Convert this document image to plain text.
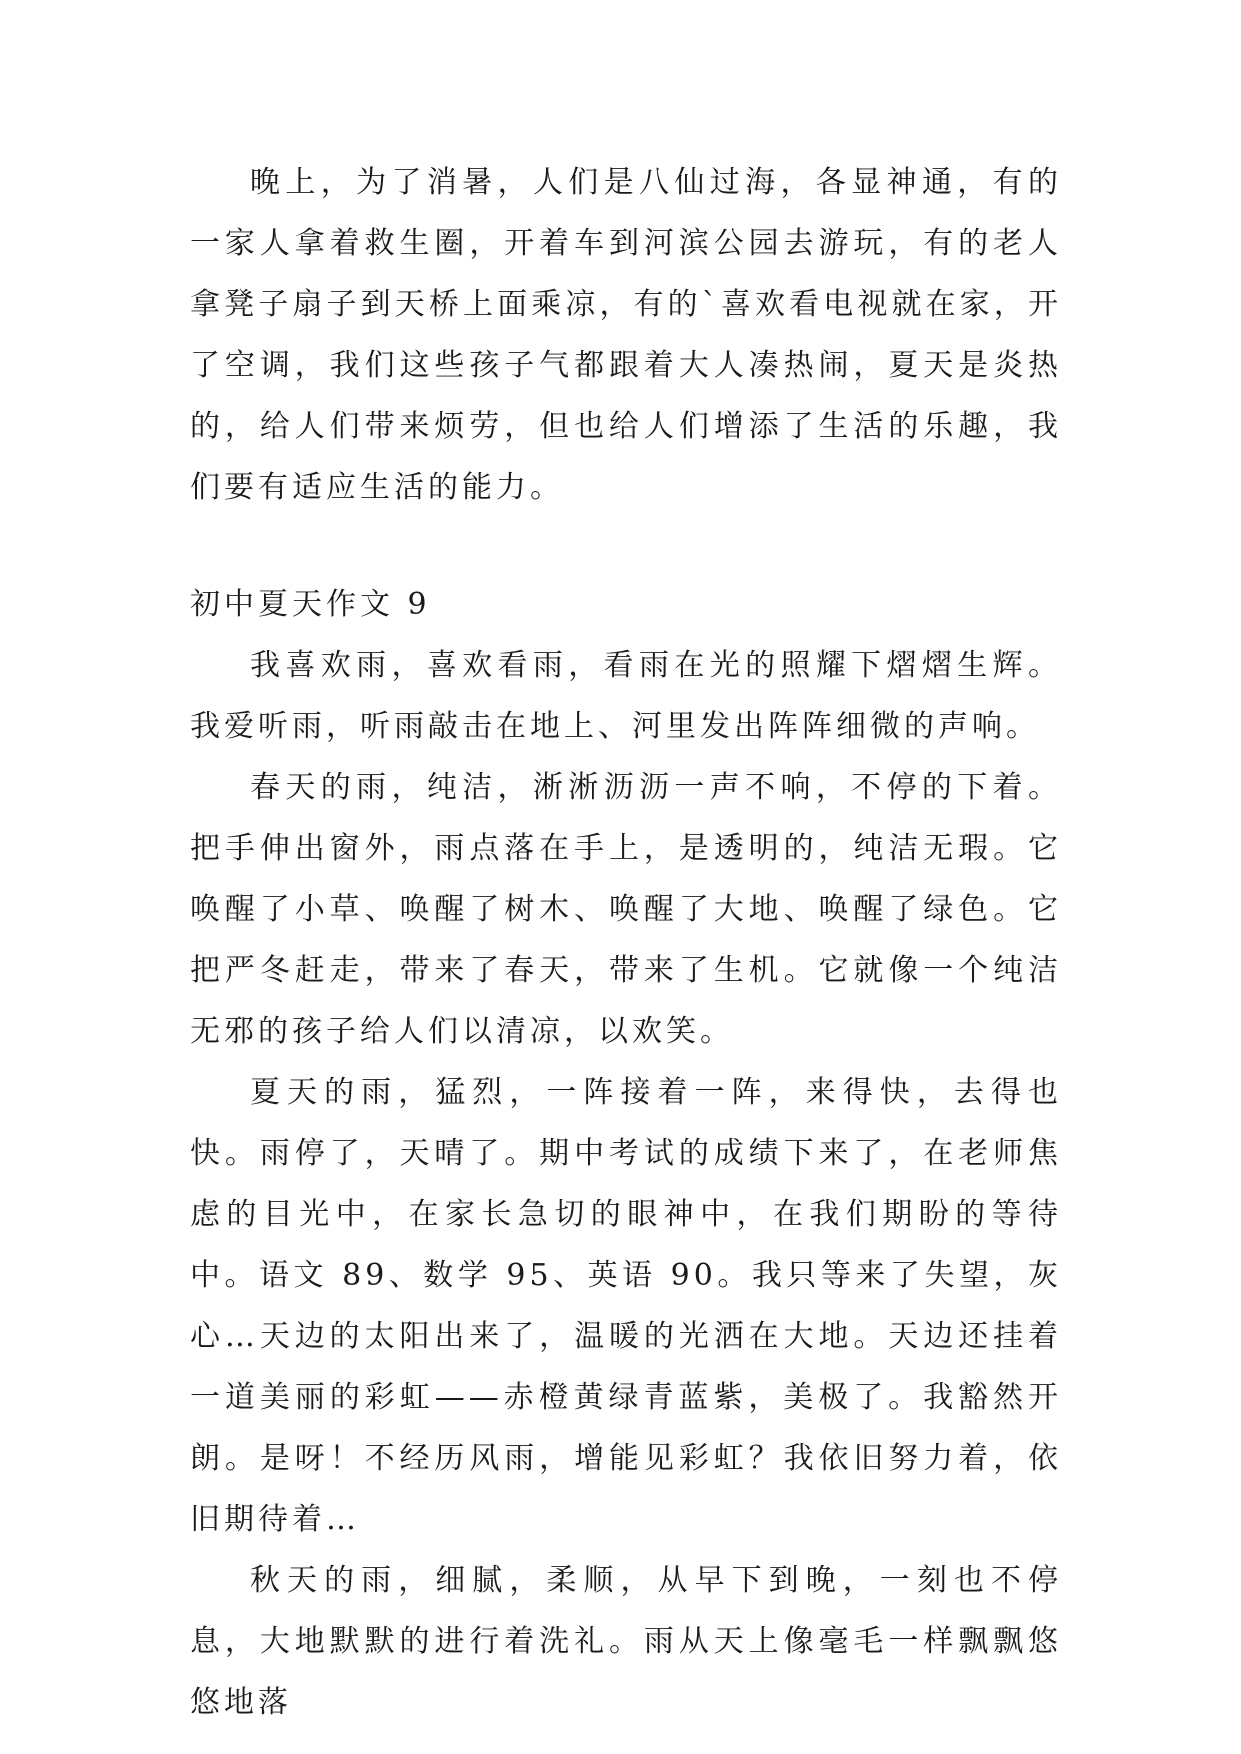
晚上，为了消暑，人们是八仙过海，各显神通，有的一家人拿着救生圈，开着车到河滨公园去游玩，有的老人拿凳子扇子到天桥上面乘凉，有的`喜欢看电视就在家，开了空调，我们这些孩子气都跟着大人凑热闹，夏天是炎热的，给人们带来烦劳，但也给人们增添了生活的乐趣，我们要有适应生活的能力。

初中夏天作文 9

我喜欢雨，喜欢看雨，看雨在光的照耀下熠熠生辉。我爱听雨，听雨敲击在地上、河里发出阵阵细微的声响。

春天的雨，纯洁，淅淅沥沥一声不响，不停的下着。把手伸出窗外，雨点落在手上，是透明的，纯洁无瑕。它唤醒了小草、唤醒了树木、唤醒了大地、唤醒了绿色。它把严冬赶走，带来了春天，带来了生机。它就像一个纯洁无邪的孩子给人们以清凉，以欢笑。

夏天的雨，猛烈，一阵接着一阵，来得快，去得也快。雨停了，天晴了。期中考试的成绩下来了，在老师焦虑的目光中，在家长急切的眼神中，在我们期盼的等待中。语文 89、数学 95、英语 90。我只等来了失望，灰心…天边的太阳出来了，温暖的光洒在大地。天边还挂着一道美丽的彩虹——赤橙黄绿青蓝紫，美极了。我豁然开朗。是呀！不经历风雨，增能见彩虹？我依旧努力着，依旧期待着…

秋天的雨，细腻，柔顺，从早下到晚，一刻也不停息，大地默默的进行着洗礼。雨从天上像毫毛一样飘飘悠悠地落
